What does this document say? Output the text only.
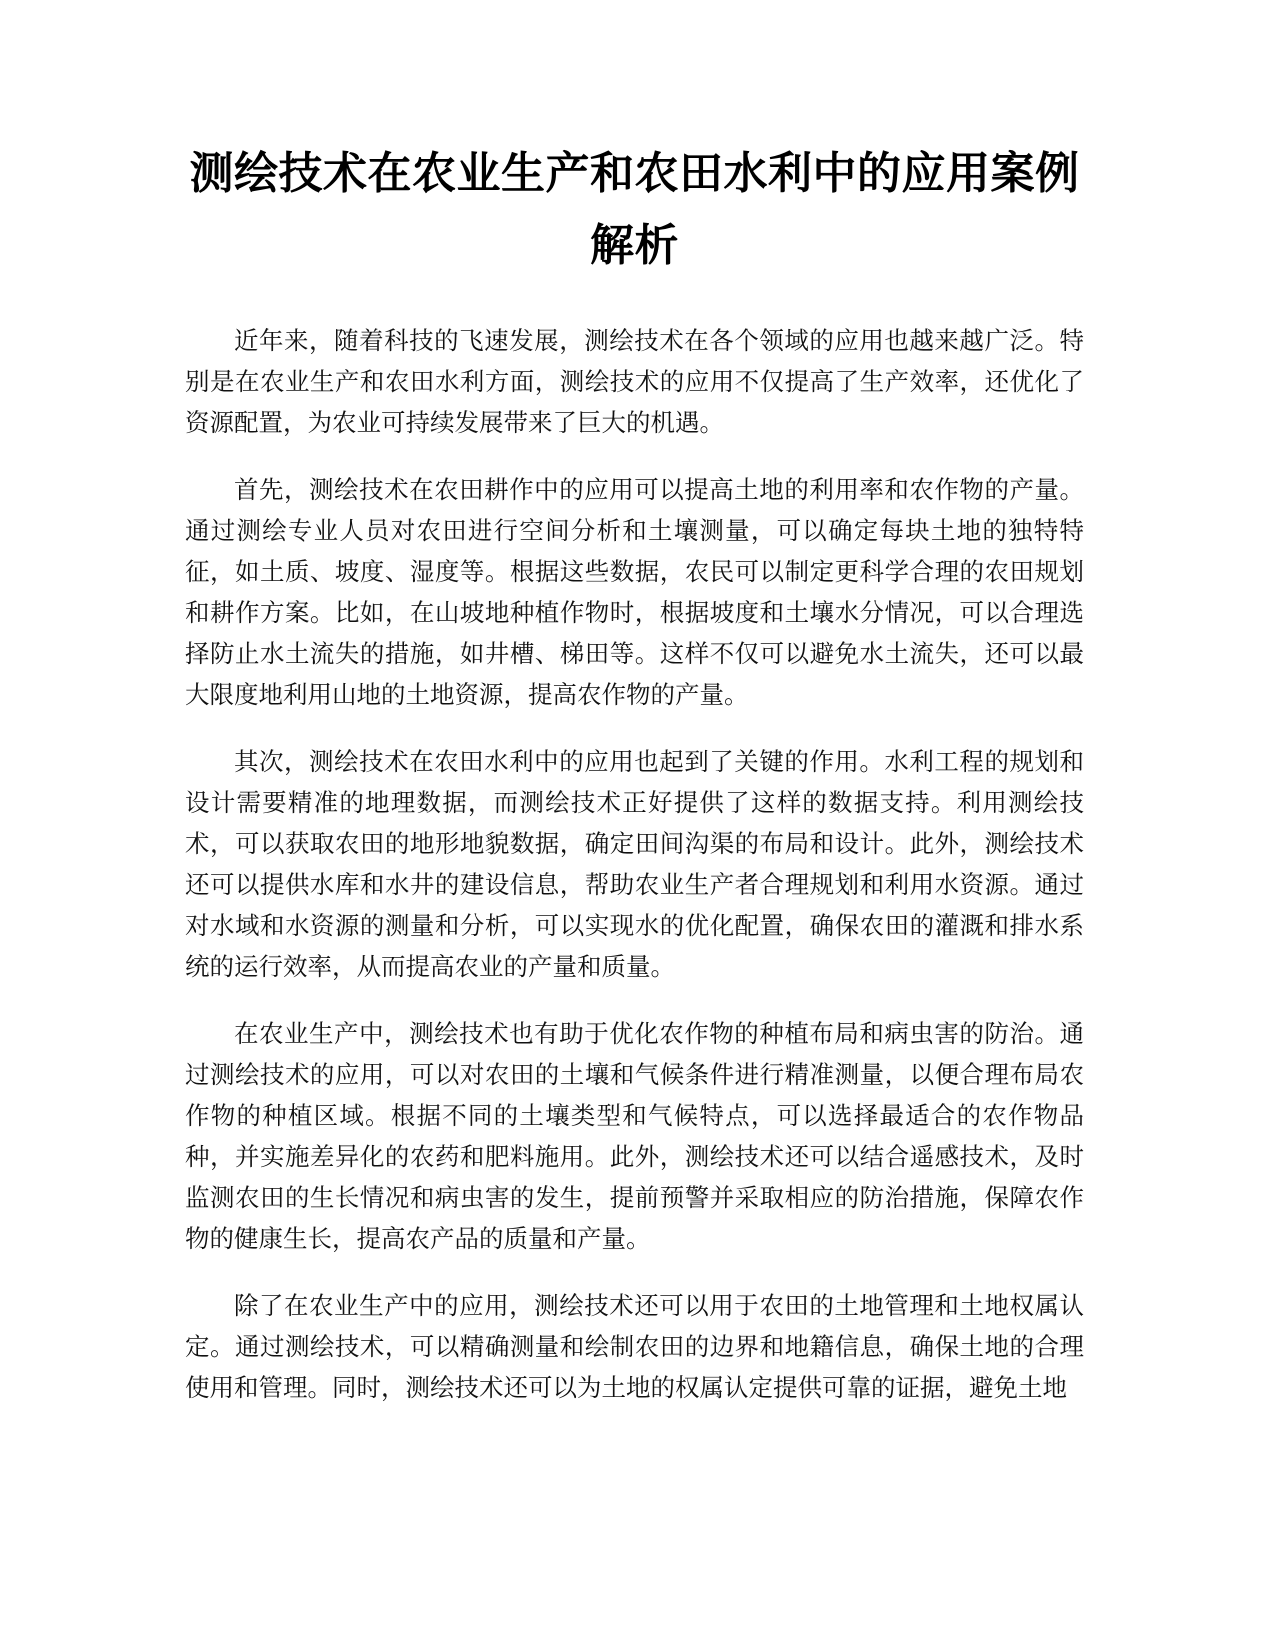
测绘技术在农业生产和农田水利中的应用案例解析

近年来，随着科技的飞速发展，测绘技术在各个领域的应用也越来越广泛。特别是在农业生产和农田水利方面，测绘技术的应用不仅提高了生产效率，还优化了资源配置，为农业可持续发展带来了巨大的机遇。

首先，测绘技术在农田耕作中的应用可以提高土地的利用率和农作物的产量。通过测绘专业人员对农田进行空间分析和土壤测量，可以确定每块土地的独特特征，如土质、坡度、湿度等。根据这些数据，农民可以制定更科学合理的农田规划和耕作方案。比如，在山坡地种植作物时，根据坡度和土壤水分情况，可以合理选择防止水土流失的措施，如井槽、梯田等。这样不仅可以避免水土流失，还可以最大限度地利用山地的土地资源，提高农作物的产量。

其次，测绘技术在农田水利中的应用也起到了关键的作用。水利工程的规划和设计需要精准的地理数据，而测绘技术正好提供了这样的数据支持。利用测绘技术，可以获取农田的地形地貌数据，确定田间沟渠的布局和设计。此外，测绘技术还可以提供水库和水井的建设信息，帮助农业生产者合理规划和利用水资源。通过对水域和水资源的测量和分析，可以实现水的优化配置，确保农田的灌溉和排水系统的运行效率，从而提高农业的产量和质量。

在农业生产中，测绘技术也有助于优化农作物的种植布局和病虫害的防治。通过测绘技术的应用，可以对农田的土壤和气候条件进行精准测量，以便合理布局农作物的种植区域。根据不同的土壤类型和气候特点，可以选择最适合的农作物品种，并实施差异化的农药和肥料施用。此外，测绘技术还可以结合遥感技术，及时监测农田的生长情况和病虫害的发生，提前预警并采取相应的防治措施，保障农作物的健康生长，提高农产品的质量和产量。

除了在农业生产中的应用，测绘技术还可以用于农田的土地管理和土地权属认定。通过测绘技术，可以精确测量和绘制农田的边界和地籍信息，确保土地的合理使用和管理。同时，测绘技术还可以为土地的权属认定提供可靠的证据，避免土地
